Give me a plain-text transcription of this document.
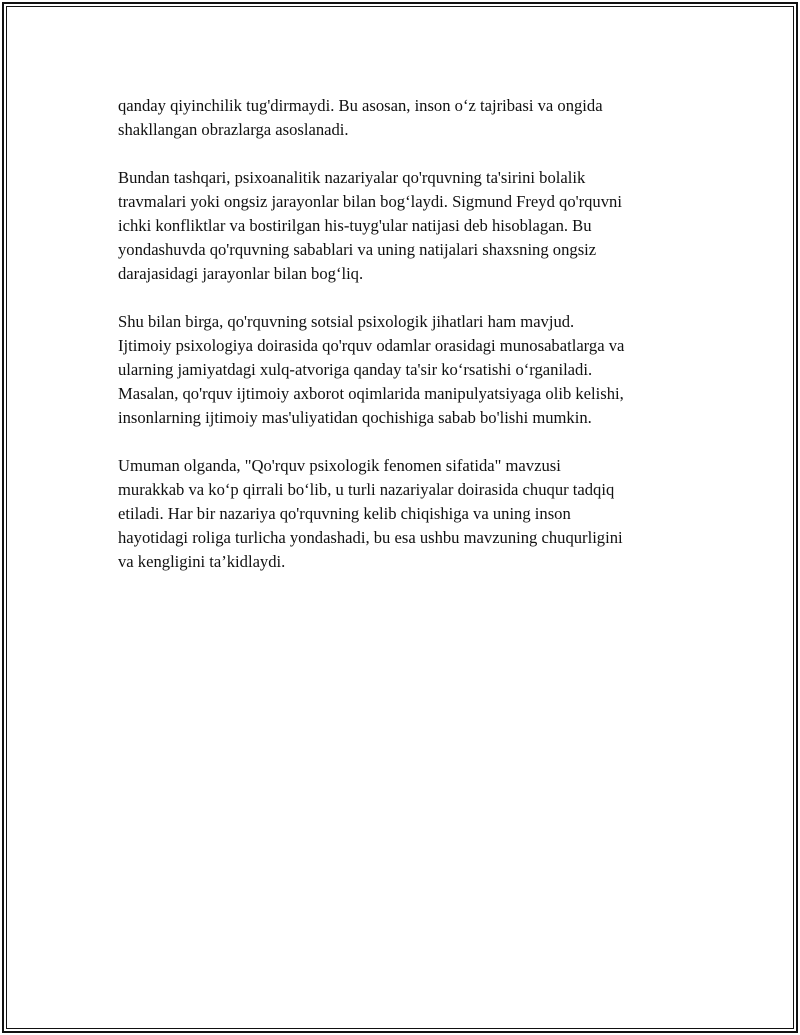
qanday qiyinchilik tug'dirmaydi. Bu asosan, inson o‘z tajribasi va ongida
shakllangan obrazlarga asoslanadi.

Bundan tashqari, psixoanalitik nazariyalar qo'rquvning ta'sirini bolalik
travmalari yoki ongsiz jarayonlar bilan bog‘laydi. Sigmund Freyd qo'rquvni
ichki konfliktlar va bostirilgan his-tuyg'ular natijasi deb hisoblagan. Bu
yondashuvda qo'rquvning sabablari va uning natijalari shaxsning ongsiz
darajasidagi jarayonlar bilan bog‘liq.

Shu bilan birga, qo'rquvning sotsial psixologik jihatlari ham mavjud.
Ijtimoiy psixologiya doirasida qo'rquv odamlar orasidagi munosabatlarga va
ularning jamiyatdagi xulq-atvoriga qanday ta'sir ko‘rsatishi o‘rganiladi.
Masalan, qo'rquv ijtimoiy axborot oqimlarida manipulyatsiyaga olib kelishi,
insonlarning ijtimoiy mas'uliyatidan qochishiga sabab bo'lishi mumkin.

Umuman olganda, "Qo'rquv psixologik fenomen sifatida" mavzusi
murakkab va ko‘p qirrali bo‘lib, u turli nazariyalar doirasida chuqur tadqiq
etiladi. Har bir nazariya qo'rquvning kelib chiqishiga va uning inson
hayotidagi roliga turlicha yondashadi, bu esa ushbu mavzuning chuqurligini
va kengligini ta’kidlaydi.
